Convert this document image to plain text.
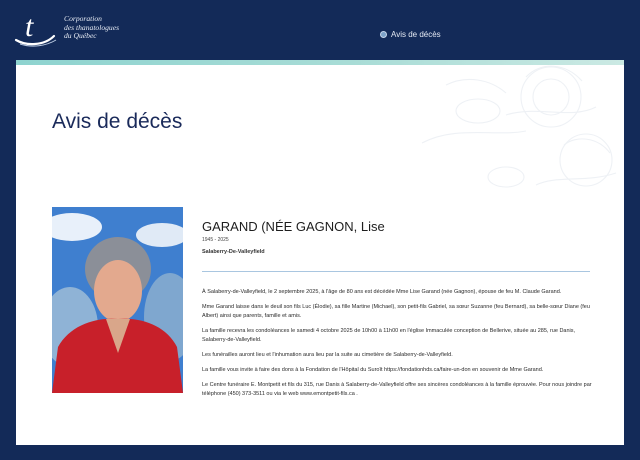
t	Corporation
des thanatologues
du Québec	Avis de décès
Avis de décès
GARAND (NÉE GAGNON, Lise
1945 - 2025
Salaberry-De-Valleyfield

À Salaberry-de-Valleyfield, le 2 septembre 2025, à l'âge de 80 ans est décédée Mme Lise Garand (née Gagnon), épouse de feu M. Claude Garand.

Mme Garand laisse dans le deuil son fils Luc (Élodie), sa fille Martine (Michael), son petit-fils Gabriel, sa sœur Suzanne (feu Bernard), sa belle-sœur Diane (feu Albert) ainsi que parents, famille et amis.

La famille recevra les condoléances le samedi 4 octobre 2025 de 10h00 à 11h00 en l'église Immaculée conception de Bellerive, située au 285, rue Danis, Salaberry-de-Valleyfield.

Les funérailles auront lieu et l'inhumation aura lieu par la suite au cimetière de Salaberry-de-Valleyfield.

La famille vous invite à faire des dons à la Fondation de l'Hôpital du Suroît https://fondationhds.ca/faire-un-don en souvenir de Mme Garand.

Le Centre funéraire E. Montpetit et fils du 315, rue Danis à Salaberry-de-Valleyfield offre ses sincères condoléances à la famille éprouvée. Pour nous joindre par téléphone (450) 373-3511 ou via le web www.emontpetit-fils.ca .
